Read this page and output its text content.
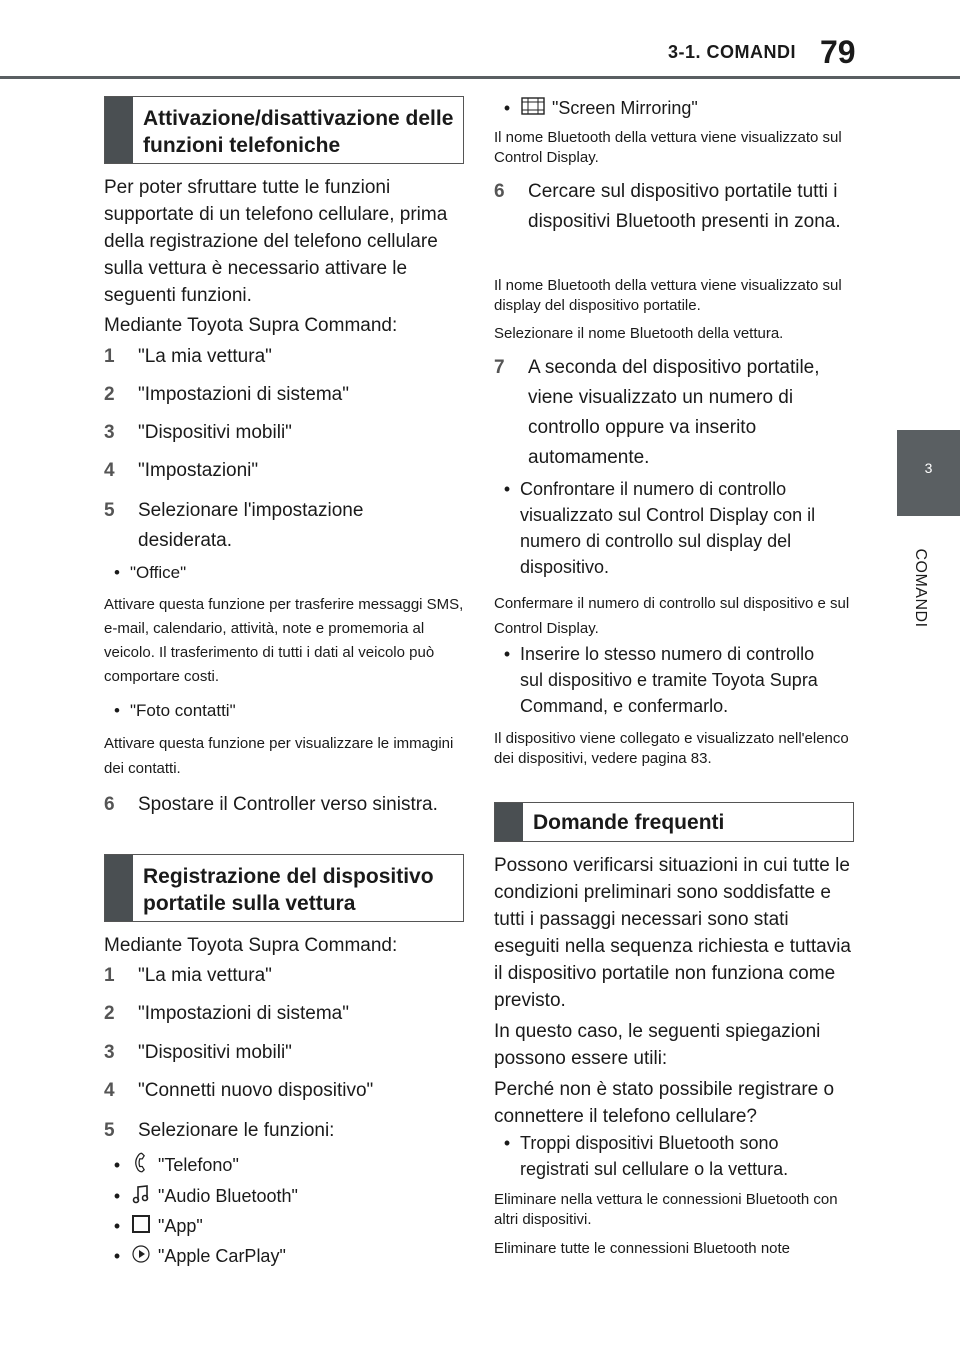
3-1. COMANDI 79
3
COMANDI
Attivazione/disattivazione delle funzioni telefoniche
Per poter sfruttare tutte le funzioni supportate di un telefono cellulare, prima della registrazione del telefono cellulare sulla vettura è necessario attivare le seguenti funzioni.
Mediante Toyota Supra Command:
1	"La mia vettura"
2	"Impostazioni di sistema"
3	"Dispositivi mobili"
4	"Impostazioni"
5	Selezionare l'impostazione desiderata.
• "Office"
Attivare questa funzione per trasferire messaggi SMS, e-mail, calendario, attività, note e promemoria al veicolo. Il trasferimento di tutti i dati al veicolo può comportare costi.
• "Foto contatti"
Attivare questa funzione per visualizzare le immagini dei contatti.
6	Spostare il Controller verso sinistra.
Registrazione del dispositivo portatile sulla vettura
Mediante Toyota Supra Command:
1	"La mia vettura"
2	"Impostazioni di sistema"
3	"Dispositivi mobili"
4	"Connetti nuovo dispositivo"
5	Selezionare le funzioni:
•	"Telefono"
•	"Audio Bluetooth"
•	"App"
•	"Apple CarPlay"
•	"Screen Mirroring"
Il nome Bluetooth della vettura viene visualizzato sul Control Display.
6	Cercare sul dispositivo portatile tutti i dispositivi Bluetooth presenti in zona.
Il nome Bluetooth della vettura viene visualizzato sul display del dispositivo portatile.
Selezionare il nome Bluetooth della vettura.
7	A seconda del dispositivo portatile, viene visualizzato un numero di controllo oppure va inserito automamente.
• Confrontare il numero di controllo visualizzato sul Control Display con il numero di controllo sul display del dispositivo.
Confermare il numero di controllo sul dispositivo e sul Control Display.
• Inserire lo stesso numero di controllo sul dispositivo e tramite Toyota Supra Command, e confermarlo.
Il dispositivo viene collegato e visualizzato nell'elenco dei dispositivi, vedere pagina 83.
Domande frequenti
Possono verificarsi situazioni in cui tutte le condizioni preliminari sono soddisfatte e tutti i passaggi necessari sono stati eseguiti nella sequenza richiesta e tuttavia il dispositivo portatile non funziona come previsto.
In questo caso, le seguenti spiegazioni possono essere utili:
Perché non è stato possibile registrare o connettere il telefono cellulare?
• Troppi dispositivi Bluetooth sono registrati sul cellulare o la vettura.
Eliminare nella vettura le connessioni Bluetooth con altri dispositivi.
Eliminare tutte le connessioni Bluetooth note
